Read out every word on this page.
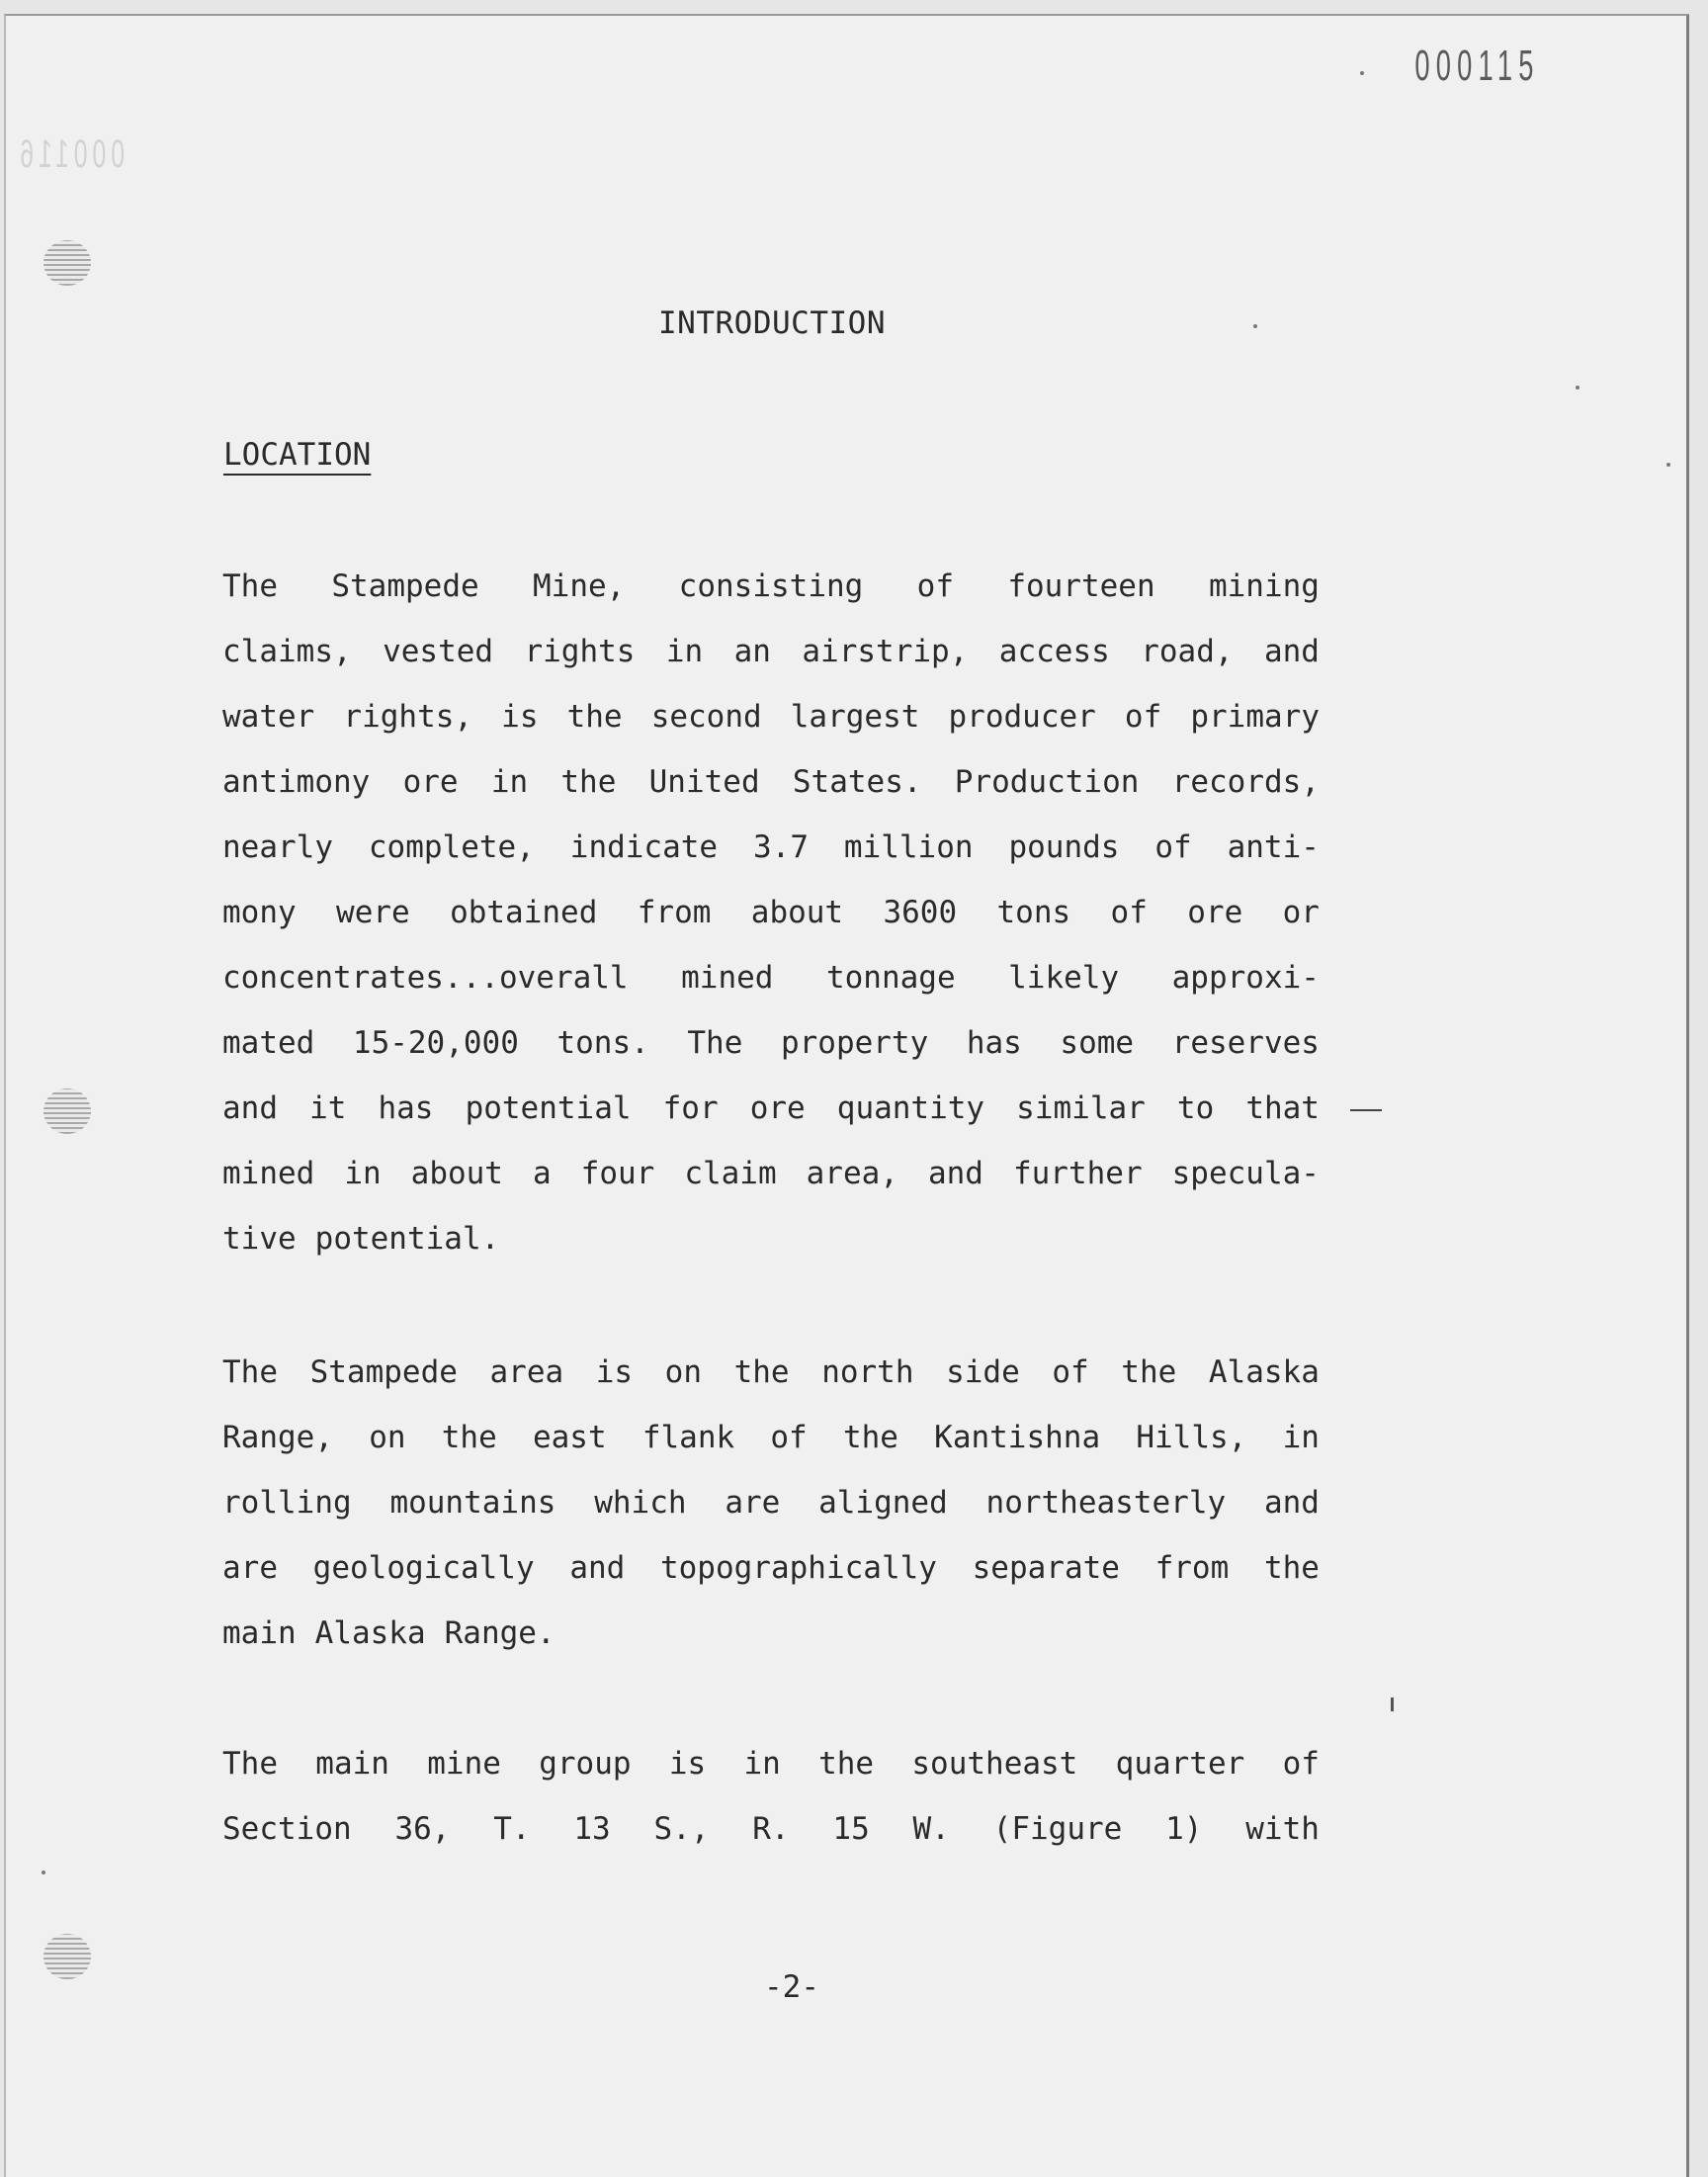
000115
000116
INTRODUCTION
LOCATION
The Stampede Mine, consisting of fourteen mining
claims, vested rights in an airstrip, access road, and
water rights, is the second largest producer of primary
antimony ore in the United States. Production records,
nearly complete, indicate 3.7 million pounds of anti-
mony were obtained from about 3600 tons of ore or
concentrates...overall mined tonnage likely approxi-
mated 15-20,000 tons. The property has some reserves
and it has potential for ore quantity similar to that
mined in about a four claim area, and further specula-
tive potential.
The Stampede area is on the north side of the Alaska
Range, on the east flank of the Kantishna Hills, in
rolling mountains which are aligned northeasterly and
are geologically and topographically separate from the
main Alaska Range.
The main mine group is in the southeast quarter of
Section 36, T. 13 S., R. 15 W. (Figure 1) with
-2-
